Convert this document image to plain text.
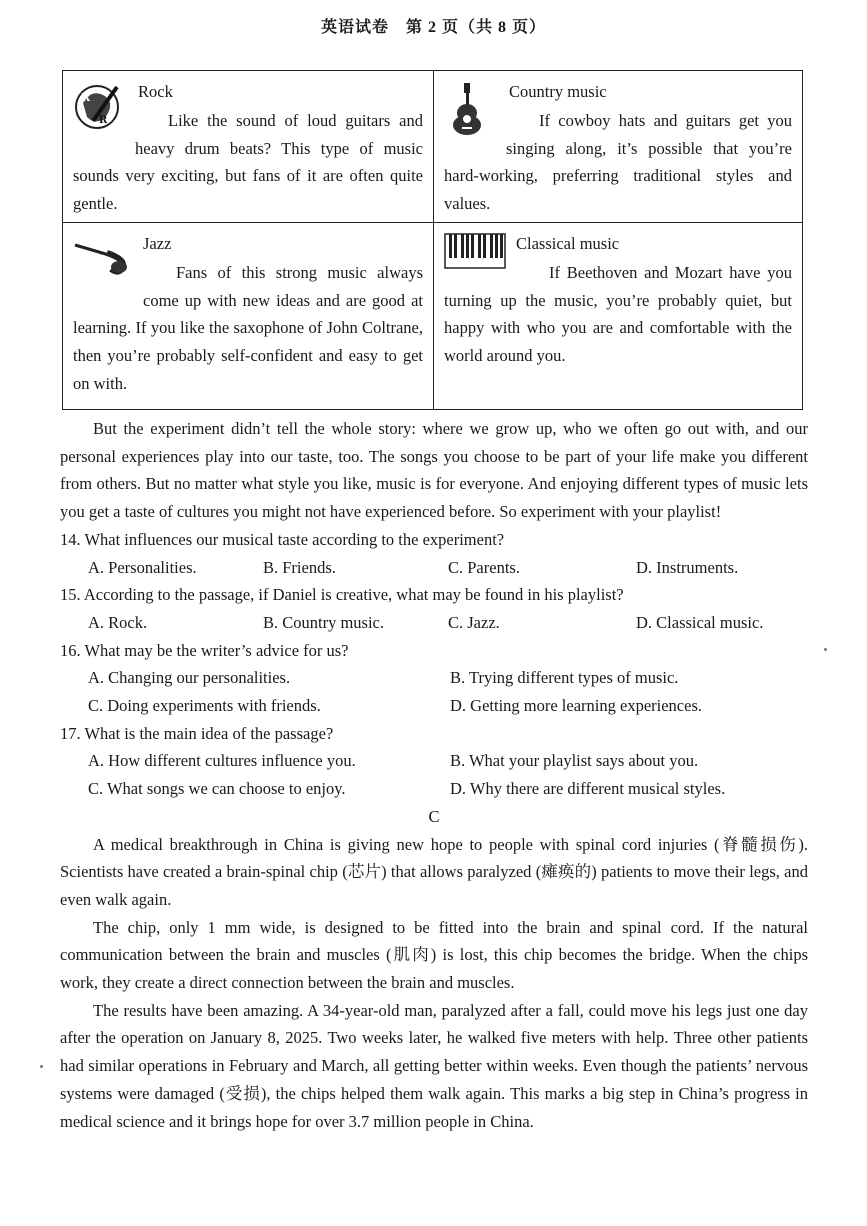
英语试卷　第 2 页（共 8 页）
R
R
Rock
Like the sound of loud guitars and heavy drum beats? This type of music sounds very exciting, but fans of it are often quite gentle.
Country music
If cowboy hats and guitars get you singing along, it’s possible that you’re hard-working, preferring traditional styles and values.
Jazz
Fans of this strong music always come up with new ideas and are good at learning. If you like the saxophone of John Coltrane, then you’re probably self-confident and easy to get on with.
Classical music
If Beethoven and Mozart have you turning up the music, you’re probably quiet, but happy with who you are and comfortable with the world around you.

But the experiment didn’t tell the whole story: where we grow up, who we often go out with, and our personal experiences play into our taste, too. The songs you choose to be part of your life make you different from others. But no matter what style you like, music is for everyone. And enjoying different types of music lets you get a taste of cultures you might not have experienced before. So experiment with your playlist!

14. What influences our musical taste according to the experiment?

A. Personalities.	B. Friends.	C. Parents.	D. Instruments.

15. According to the passage, if Daniel is creative, what may be found in his playlist?

A. Rock.	B. Country music.	C. Jazz.	D. Classical music.

16. What may be the writer’s advice for us?

A. Changing our personalities.	B. Trying different types of music.
C. Doing experiments with friends.	D. Getting more learning experiences.

17. What is the main idea of the passage?

A. How different cultures influence you.	B. What your playlist says about you.
C. What songs we can choose to enjoy.	D. Why there are different musical styles.

C

A medical breakthrough in China is giving new hope to people with spinal cord injuries (脊髓损伤). Scientists have created a brain-spinal chip (芯片) that allows paralyzed (瘫痪的) patients to move their legs, and even walk again.

The chip, only 1 mm wide, is designed to be fitted into the brain and spinal cord. If the natural communication between the brain and muscles (肌肉) is lost, this chip becomes the bridge. When the chips work, they create a direct connection between the brain and muscles.

The results have been amazing. A 34-year-old man, paralyzed after a fall, could move his legs just one day after the operation on January 8, 2025. Two weeks later, he walked five meters with help. Three other patients had similar operations in February and March, all getting better within weeks. Even though the patients’ nervous systems were damaged (受损), the chips helped them walk again. This marks a big step in China’s progress in medical science and it brings hope for over 3.7 million people in China.
